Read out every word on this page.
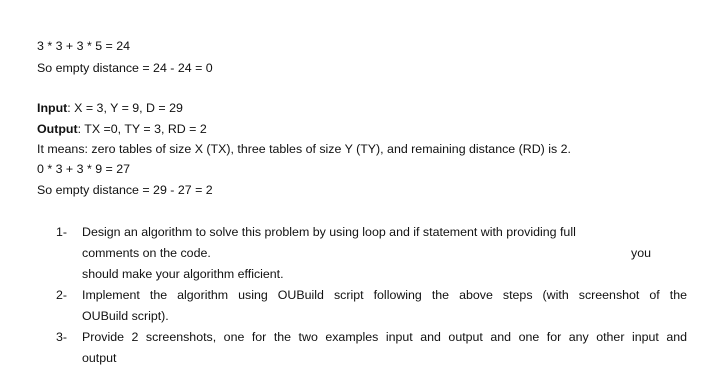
3 * 3 + 3 * 5 = 24
So empty distance = 24 - 24 = 0
Input: X = 3, Y = 9, D = 29
Output: TX =0, TY = 3, RD = 2
It means: zero tables of size X (TX), three tables of size Y (TY), and remaining distance (RD) is 2.
0 * 3 + 3 * 9 = 27
So empty distance = 29 - 27 = 2
1- Design an algorithm to solve this problem by using loop and if statement with providing full
comments on the code.	you
should make your algorithm efficient.
2- Implement the algorithm using OUBuild script following the above steps (with screenshot of the
OUBuild script).
3- Provide 2 screenshots, one for the two examples input and output and one for any other input and
output
